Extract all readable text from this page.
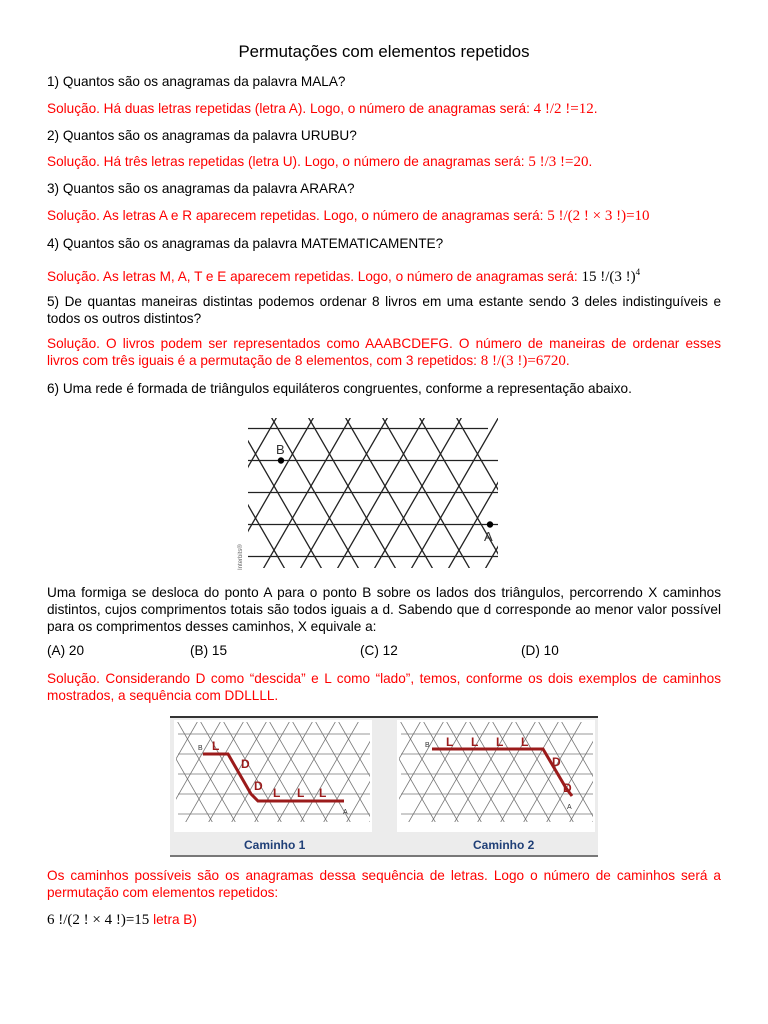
Permutações com elementos repetidos

1) Quantos são os anagramas da palavra MALA?

Solução. Há duas letras repetidas (letra A). Logo, o número de anagramas será: 4 !/2 !=12.

2) Quantos são os anagramas da palavra URUBU?

Solução. Há três letras repetidas (letra U). Logo, o número de anagramas será: 5 !/3 !=20.

3) Quantos são os anagramas da palavra ARARA?

Solução. As letras A e R aparecem repetidas. Logo, o número de anagramas será: 5 !/(2 ! × 3 !)=10

4) Quantos são os anagramas da palavra MATEMATICAMENTE?

Solução. As letras M, A, T e E aparecem repetidas. Logo, o número de anagramas será: 15 !/(3 !)$^4$

5) De quantas maneiras distintas podemos ordenar 8 livros em uma estante sendo 3 deles indistinguíveis e todos os outros distintos?

Solução. O livros podem ser representados como AAABCDEFG. O número de maneiras de ordenar esses livros com três iguais é a permutação de 8 elementos, com 3 repetidos: 8 !/(3 !)=6720.

6) Uma rede é formada de triângulos equiláteros congruentes, conforme a representação abaixo.

B
A
Interbits®

Uma formiga se desloca do ponto A para o ponto B sobre os lados dos triângulos, percorrendo X caminhos distintos, cujos comprimentos totais são todos iguais a d. Sabendo que d corresponde ao menor valor possível para os comprimentos desses caminhos, X equivale a:

(A) 20	(B) 15	(C) 12	(D) 10

Solução. Considerando D como “descida” e L como “lado”, temos, conforme os dois exemplos de caminhos mostrados, a sequência com DDLLLL.

B
A
L
D
D L L L
Caminho 1
B
A
L L L L
D
D
Caminho 2

Os caminhos possíveis são os anagramas dessa sequência de letras. Logo o número de caminhos será a permutação com elementos repetidos:

6 !/(2 ! × 4 !)=15 letra B)
